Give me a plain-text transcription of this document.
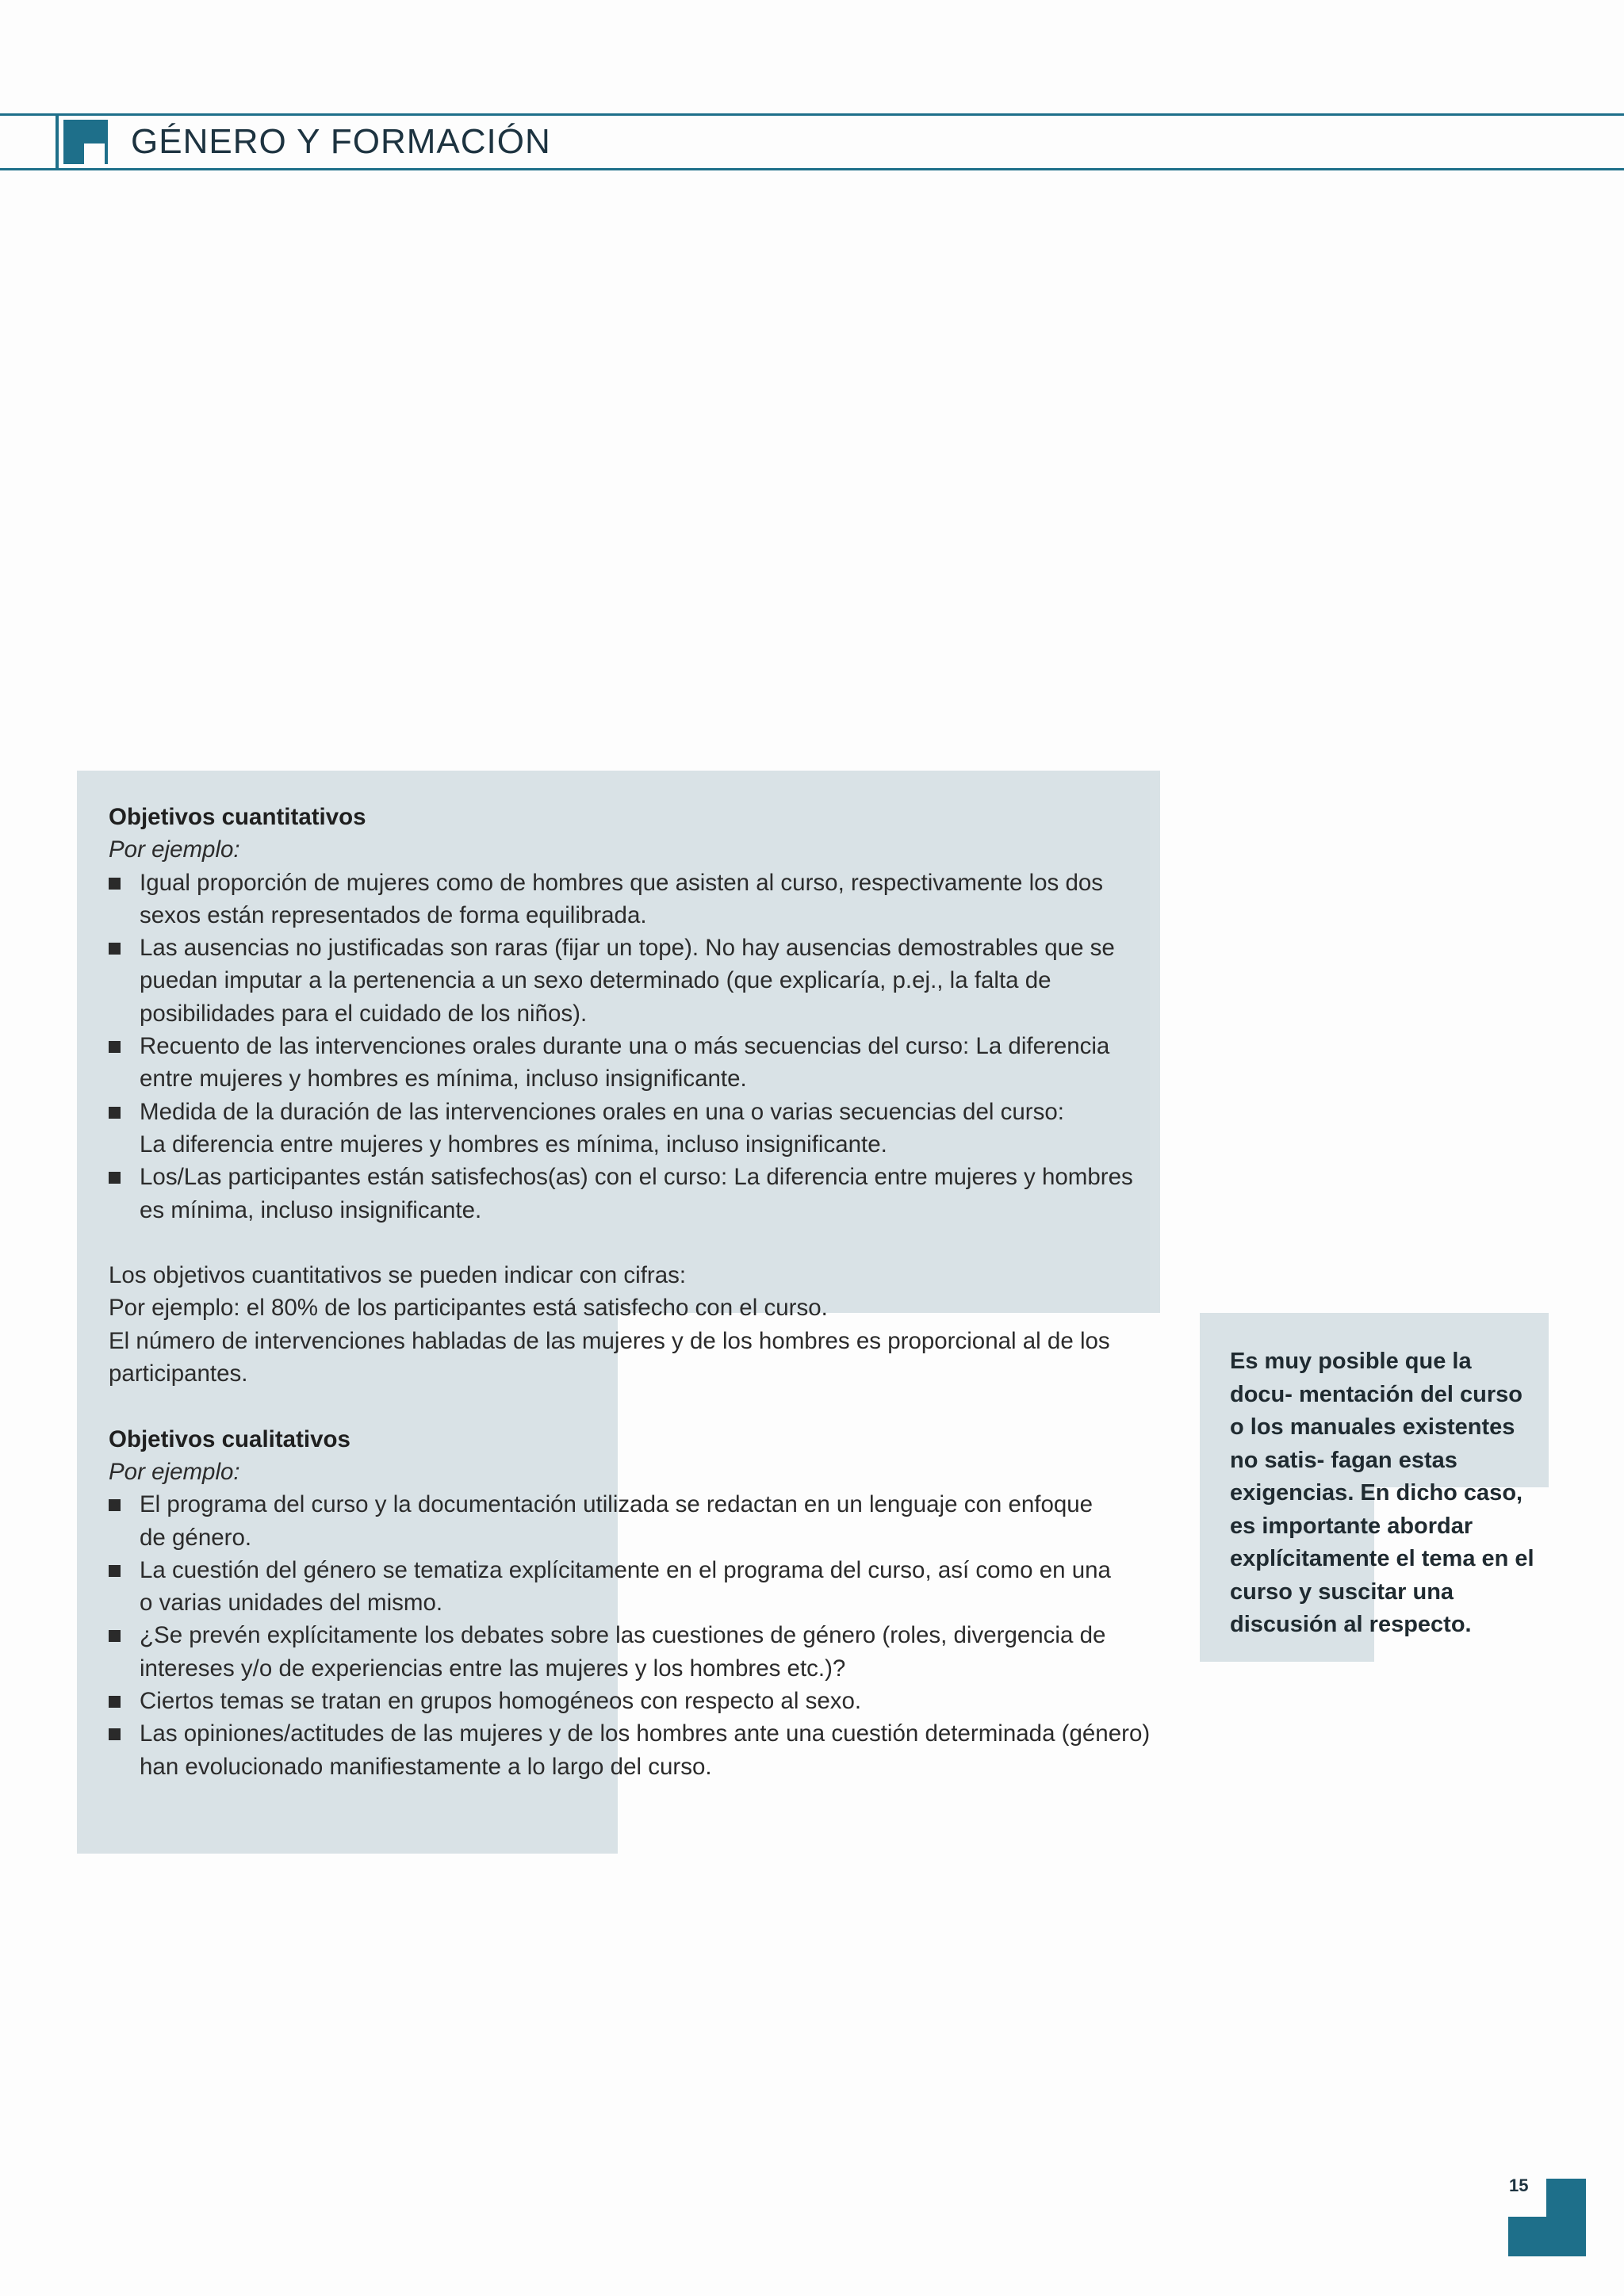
GÉNERO Y FORMACIÓN

Objetivos cuantitativos

Por ejemplo:

Igual proporción de mujeres como de hombres que asisten al curso, respectivamente los dos sexos están representados de forma equilibrada.
Las ausencias no justificadas son raras (fijar un tope). No hay ausencias demostrables que se puedan imputar a la pertenencia a un sexo determinado (que explicaría, p.ej., la falta de posibilidades para el cuidado de los niños).
Recuento de las intervenciones orales durante una o más secuencias del curso: La diferencia entre mujeres y hombres es mínima, incluso insignificante.
Medida de la duración de las intervenciones orales en una o varias secuencias del curso:
La diferencia entre mujeres y hombres es mínima, incluso insignificante.
Los/Las participantes están satisfechos(as) con el curso: La diferencia entre mujeres y hombres es mínima, incluso insignificante.

Los objetivos cuantitativos se pueden indicar con cifras:

Por ejemplo: el 80% de los participantes está satisfecho con el curso.

El número de intervenciones habladas de las mujeres y de los hombres es proporcional al de los participantes.

Objetivos cualitativos

Por ejemplo:

El programa del curso y la documentación utilizada se redactan en un lenguaje con enfoque
de género.
La cuestión del género se tematiza explícitamente en el programa del curso, así como en una
o varias unidades del mismo.
¿Se prevén explícitamente los debates sobre las cuestiones de género (roles, divergencia de intereses y/o de experiencias entre las mujeres y los hombres etc.)?
Ciertos temas se tratan en grupos homogéneos con respecto al sexo.
Las opiniones/actitudes de las mujeres y de los hombres ante una cuestión determinada (género) han evolucionado manifiestamente a lo largo del curso.

Es muy posible que la docu- mentación del curso o los manuales existentes no satis- fagan estas exigencias. En dicho caso, es importante abordar explícitamente el tema en el curso y suscitar una discusión al respecto.

15
